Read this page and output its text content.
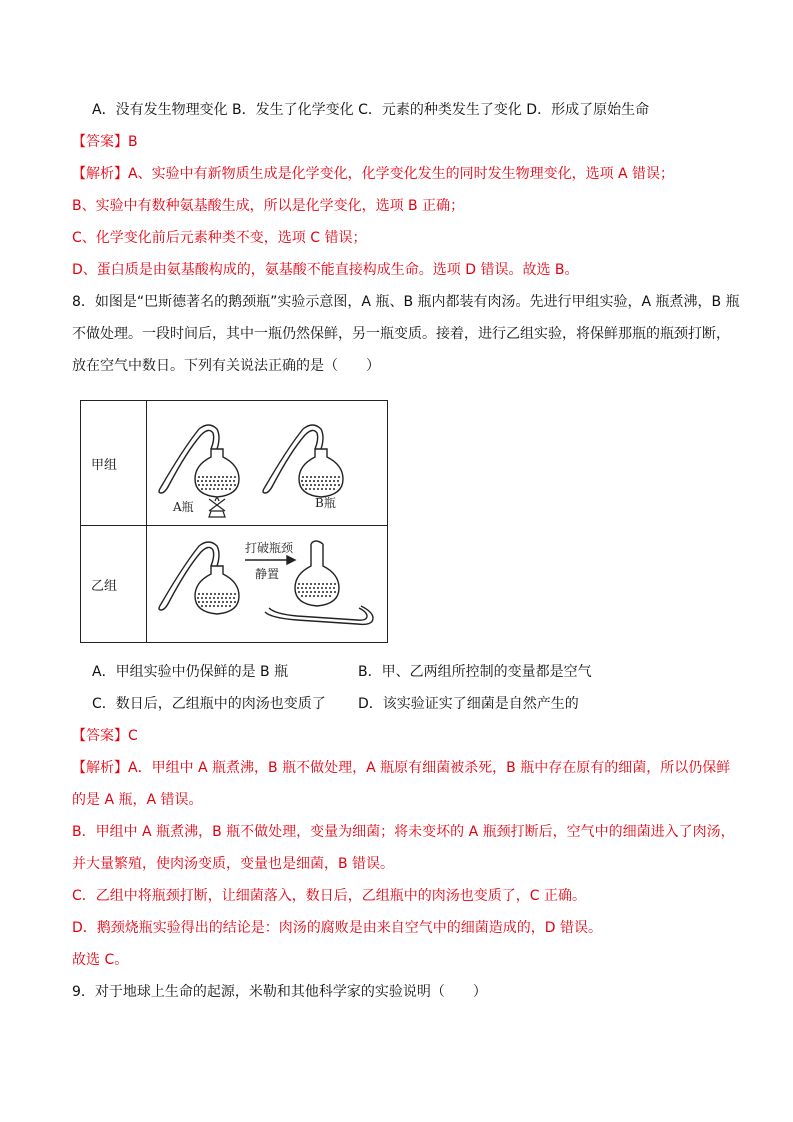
A．没有发生物理变化 B．发生了化学变化 C．元素的种类发生了变化 D．形成了原始生命
【答案】B
【解析】A、实验中有新物质生成是化学变化，化学变化发生的同时发生物理变化，选项 A 错误；
B、实验中有数种氨基酸生成，所以是化学变化，选项 B 正确；
C、化学变化前后元素种类不变，选项 C 错误；
D、蛋白质是由氨基酸构成的，氨基酸不能直接构成生命。选项 D 错误。故选 B。
8．如图是“巴斯德著名的鹅颈瓶”实验示意图，A 瓶、B 瓶内都装有肉汤。先进行甲组实验，A 瓶煮沸，B 瓶
不做处理。一段时间后，其中一瓶仍然保鲜，另一瓶变质。接着，进行乙组实验，将保鲜那瓶的瓶颈打断，
放在空气中数日。下列有关说法正确的是（　　）
甲组	A瓶 B瓶

乙组	打破瓶颈
静置
A．甲组实验中仍保鲜的是 B 瓶	B．甲、乙两组所控制的变量都是空气
C．数日后，乙组瓶中的肉汤也变质了 D．该实验证实了细菌是自然产生的
【答案】C
【解析】A．甲组中 A 瓶煮沸，B 瓶不做处理，A 瓶原有细菌被杀死，B 瓶中存在原有的细菌，所以仍保鲜
的是 A 瓶，A 错误。
B．甲组中 A 瓶煮沸，B 瓶不做处理，变量为细菌；将未变坏的 A 瓶颈打断后，空气中的细菌进入了肉汤，
并大量繁殖，使肉汤变质，变量也是细菌，B 错误。
C．乙组中将瓶颈打断，让细菌落入，数日后，乙组瓶中的肉汤也变质了，C 正确。
D．鹅颈烧瓶实验得出的结论是：肉汤的腐败是由来自空气中的细菌造成的，D 错误。
故选 C。
9．对于地球上生命的起源，米勒和其他科学家的实验说明（　　）
